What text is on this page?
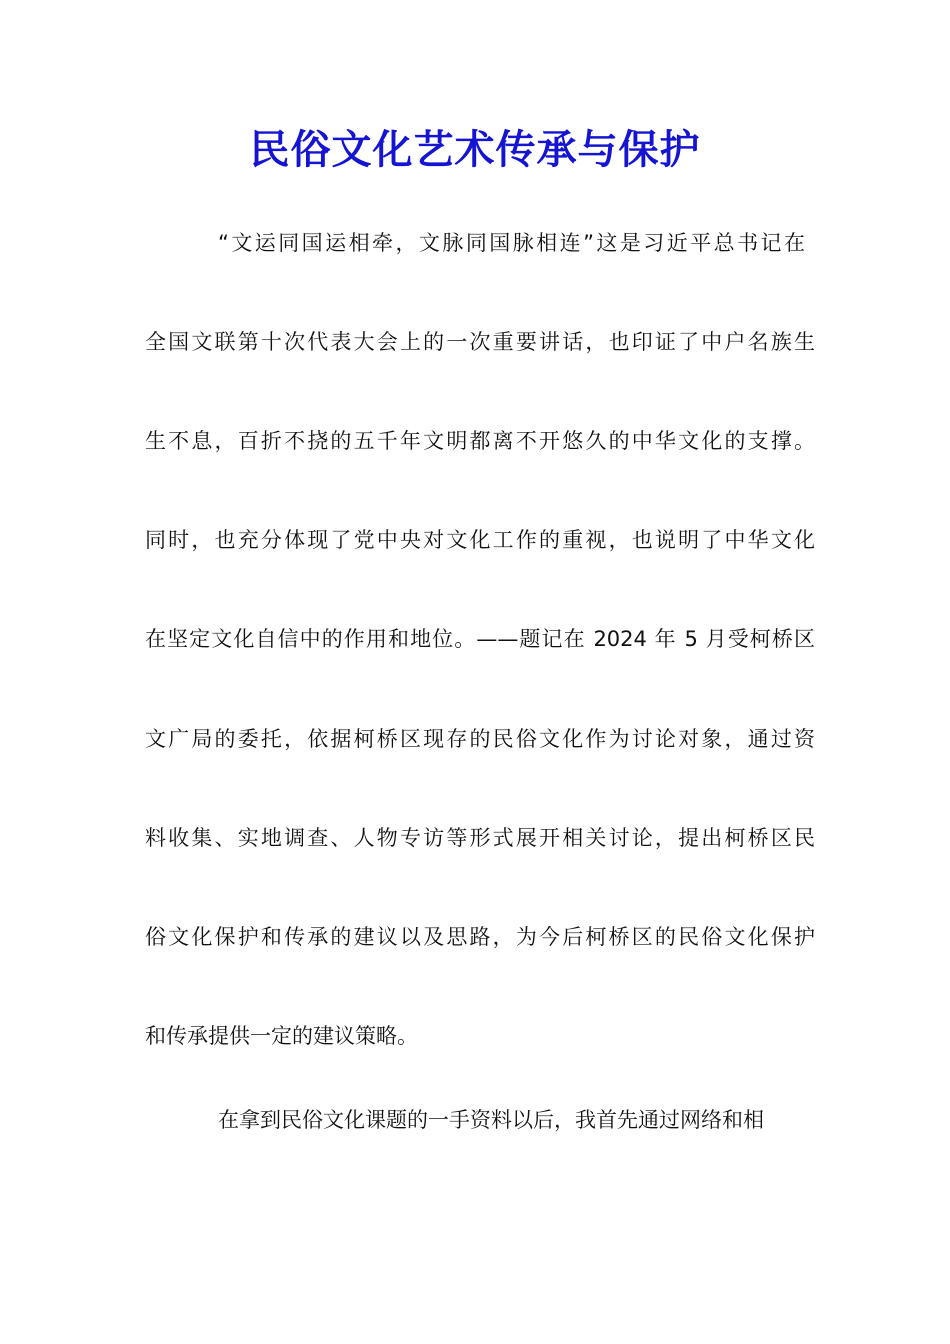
民俗文化艺术传承与保护
“文运同国运相牵，文脉同国脉相连”这是习近平总书记在
全国文联第十次代表大会上的一次重要讲话，也印证了中户名族生
生不息，百折不挠的五千年文明都离不开悠久的中华文化的支撑。
同时，也充分体现了党中央对文化工作的重视，也说明了中华文化
在坚定文化自信中的作用和地位。——题记在 2024 年 5 月受柯桥区
文广局的委托，依据柯桥区现存的民俗文化作为讨论对象，通过资
料收集、实地调查、人物专访等形式展开相关讨论，提出柯桥区民
俗文化保护和传承的建议以及思路，为今后柯桥区的民俗文化保护
和传承提供一定的建议策略。
在拿到民俗文化课题的一手资料以后，我首先通过网络和相
